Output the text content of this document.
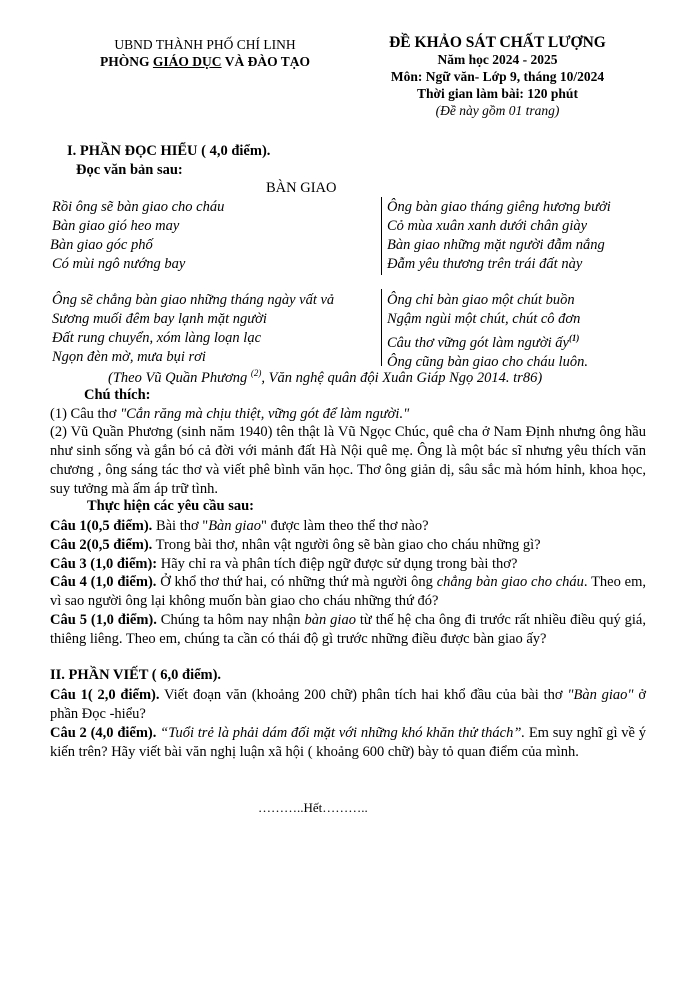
UBND THÀNH PHỐ CHÍ LINH
PHÒNG GIÁO DỤC VÀ ĐÀO TẠO
ĐỀ KHẢO SÁT CHẤT LƯỢNG
Năm học 2024 - 2025
Môn: Ngữ văn- Lớp 9, tháng 10/2024
Thời gian làm bài: 120 phút
(Đề này gồm 01 trang)
I. PHẦN ĐỌC HIỂU ( 4,0 điểm).
Đọc văn bản sau:
BÀN GIAO
Rồi ông sẽ bàn giao cho cháu
Bàn giao gió heo may
Bàn giao góc phố
Có mùi ngô nướng bay
Ông sẽ chẳng bàn giao những tháng ngày vất vả
Sương muối đêm bay lạnh mặt người
Đất rung chuyển, xóm làng loạn lạc
Ngọn đèn mờ, mưa bụi rơi
Ông bàn giao tháng giêng hương bưởi
Cỏ mùa xuân xanh dưới chân giày
Bàn giao những mặt người đẫm nắng
Đẫm yêu thương trên trái đất này
Ông chỉ bàn giao một chút buồn
Ngậm ngùi một chút, chút cô đơn
Câu thơ vững gót làm người ấy$^{(1)}$
Ông cũng bàn giao cho cháu luôn.
(Theo Vũ Quần Phương $^{(2)}$, Văn nghệ quân đội Xuân Giáp Ngọ 2014. tr86)
Chú thích:
(1) Câu thơ "Cắn răng mà chịu thiệt, vững gót để làm người."
(2) Vũ Quần Phương (sinh năm 1940) tên thật là Vũ Ngọc Chúc, quê cha ở Nam Định nhưng ông hầu như sinh sống và gắn bó cả đời với mảnh đất Hà Nội quê mẹ. Ông là một bác sĩ nhưng yêu thích văn chương , ông sáng tác thơ và viết phê bình văn học. Thơ ông giản dị, sâu sắc mà hóm hỉnh, khoa học, suy tưởng mà ấm áp trữ tình.
Thực hiện các yêu cầu sau:
Câu 1(0,5 điểm). Bài thơ "Bàn giao" được làm theo thể thơ nào?
Câu 2(0,5 điểm). Trong bài thơ, nhân vật người ông sẽ bàn giao cho cháu những gì?
Câu 3 (1,0 điểm): Hãy chỉ ra và phân tích điệp ngữ được sử dụng trong bài thơ?
Câu 4 (1,0 điểm). Ở khổ thơ thứ hai, có những thứ mà người ông chẳng bàn giao cho cháu. Theo em, vì sao người ông lại không muốn bàn giao cho cháu những thứ đó?
Câu 5 (1,0 điểm). Chúng ta hôm nay nhận bàn giao từ thế hệ cha ông đi trước rất nhiều điều quý giá, thiêng liêng. Theo em, chúng ta cần có thái độ gì trước những điều được bàn giao ấy?
II. PHẦN VIẾT ( 6,0 điểm).
Câu 1( 2,0 điểm). Viết đoạn văn (khoảng 200 chữ) phân tích hai khổ đầu của bài thơ "Bàn giao" ở phần Đọc -hiểu?
Câu 2 (4,0 điểm). “Tuổi trẻ là phải dám đối mặt với những khó khăn thử thách”. Em suy nghĩ gì về ý kiến trên? Hãy viết bài văn nghị luận xã hội ( khoảng 600 chữ) bày tỏ quan điểm của mình.
………..Hết………..
